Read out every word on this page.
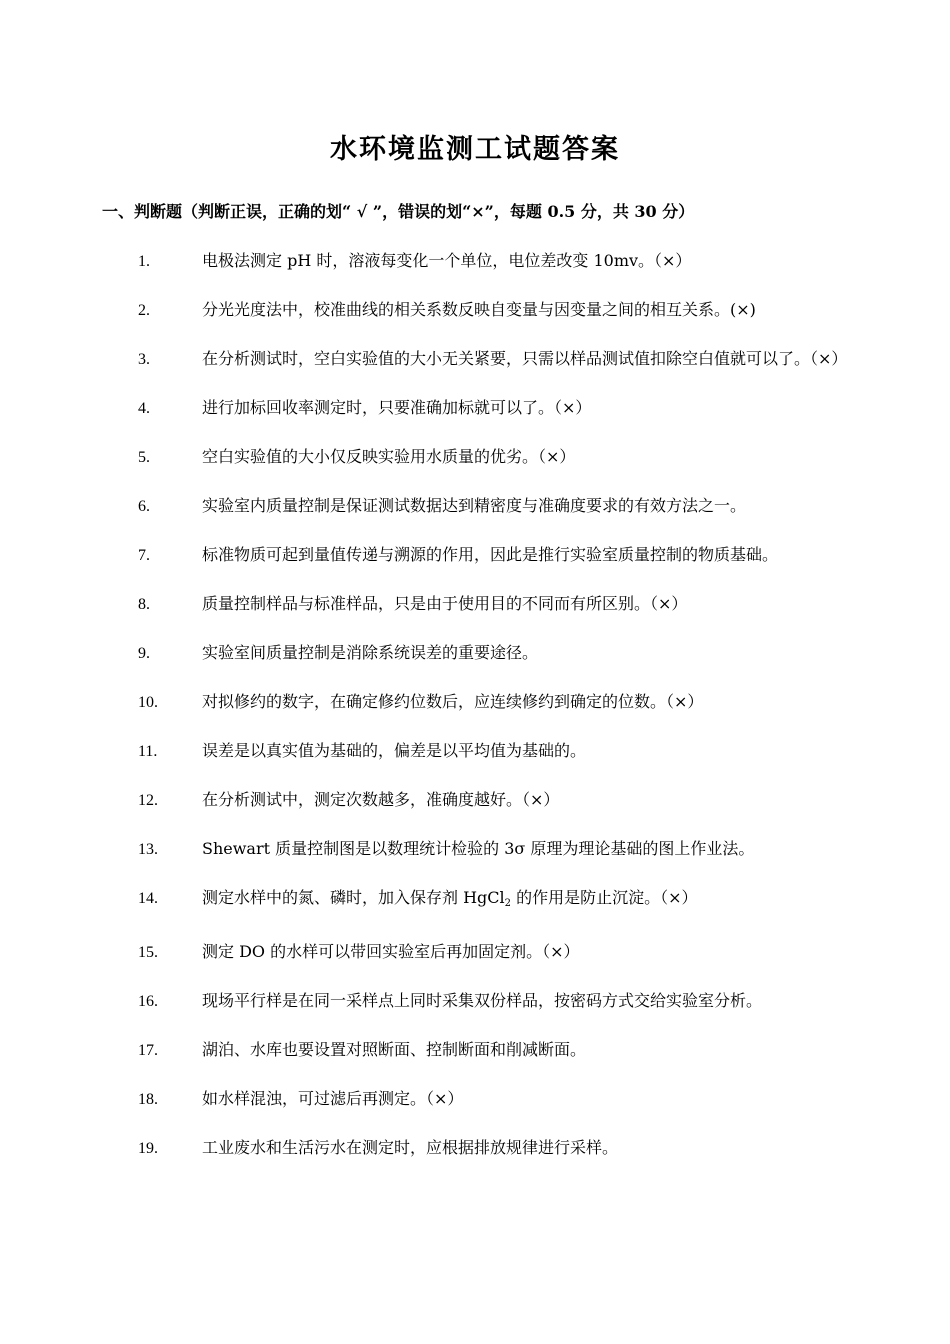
水环境监测工试题答案
一、判断题（判断正误，正确的划“ √ ”，错误的划“×”，每题 0.5 分，共 30 分）
1.	电极法测定 pH 时，溶液每变化一个单位，电位差改变 10mv。（×）
2.	分光光度法中，校准曲线的相关系数反映自变量与因变量之间的相互关系。(×)
3.	在分析测试时，空白实验值的大小无关紧要，只需以样品测试值扣除空白值就可以了。（×）
4.	进行加标回收率测定时，只要准确加标就可以了。（×）
5.	空白实验值的大小仅反映实验用水质量的优劣。（×）
6.	实验室内质量控制是保证测试数据达到精密度与准确度要求的有效方法之一。
7.	标准物质可起到量值传递与溯源的作用，因此是推行实验室质量控制的物质基础。
8.	质量控制样品与标准样品，只是由于使用目的不同而有所区别。（×）
9.	实验室间质量控制是消除系统误差的重要途径。
10.	对拟修约的数字，在确定修约位数后，应连续修约到确定的位数。（×）
11.	误差是以真实值为基础的，偏差是以平均值为基础的。
12.	在分析测试中，测定次数越多，准确度越好。（×）
13.	Shewart 质量控制图是以数理统计检验的 3σ 原理为理论基础的图上作业法。
14.	测定水样中的氮、磷时，加入保存剂 HgCl$_2$ 的作用是防止沉淀。（×）
15.	测定 DO 的水样可以带回实验室后再加固定剂。（×）
16.	现场平行样是在同一采样点上同时采集双份样品，按密码方式交给实验室分析。
17.	湖泊、水库也要设置对照断面、控制断面和削减断面。
18.	如水样混浊，可过滤后再测定。（×）
19.	工业废水和生活污水在测定时，应根据排放规律进行采样。
